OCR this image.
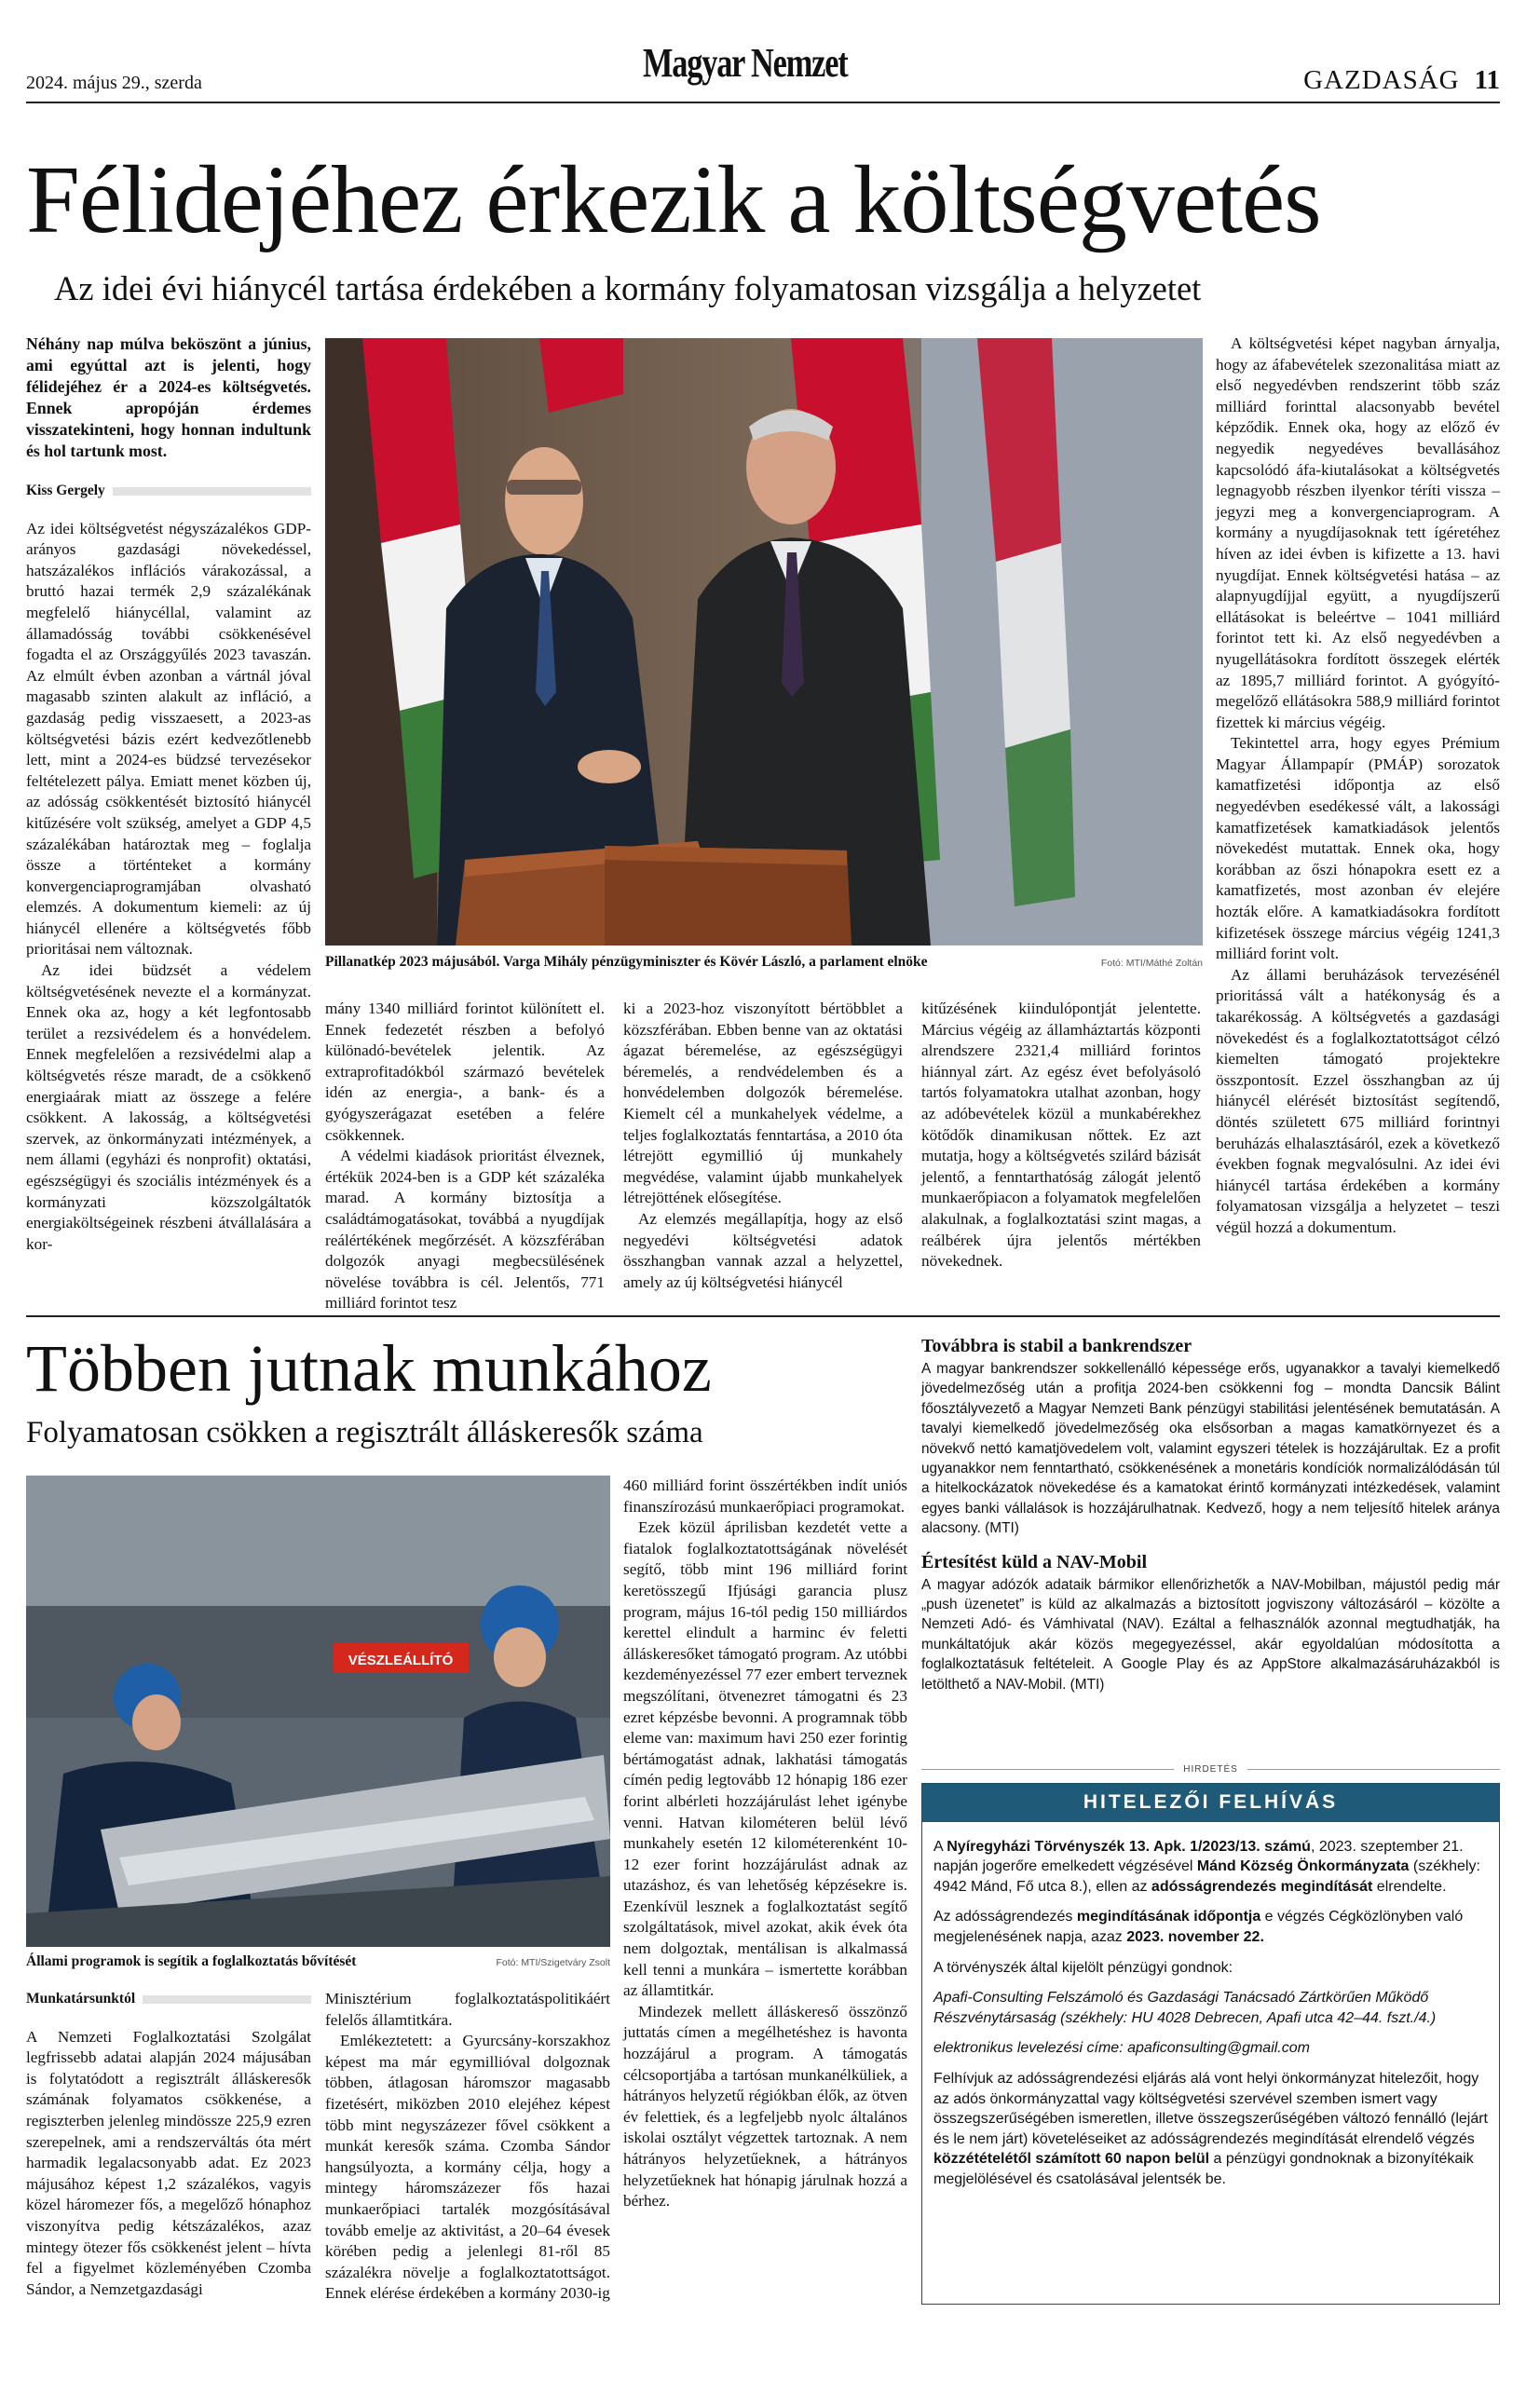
2024. május 29., szerda	Magyar Nemzet	GAZDASÁG 11
Félidejéhez érkezik a költségvetés
Az idei évi hiánycél tartása érdekében a kormány folyamatosan vizsgálja a helyzetet

Néhány nap múlva beköszönt a június, ami egyúttal azt is jelenti, hogy félidejéhez ér a 2024-es költségvetés. Ennek apropóján érdemes visszatekinteni, hogy honnan indultunk és hol tartunk most.

Kiss Gergely

Az idei költségvetést négyszázalékos GDP-arányos gazdasági növekedéssel, hatszázalékos inflációs várakozással, a bruttó hazai termék 2,9 százalékának megfelelő hiánycéllal, valamint az államadósság további csökkenésével fogadta el az Országgyűlés 2023 tavaszán. Az elmúlt évben azonban a vártnál jóval magasabb szinten alakult az infláció, a gazdaság pedig visszaesett, a 2023-as költségvetési bázis ezért kedvezőtlenebb lett, mint a 2024-es büdzsé tervezésekor feltételezett pálya. Emiatt menet közben új, az adósság csökkentését biztosító hiánycél kitűzésére volt szükség, amelyet a GDP 4,5 százalékában határoztak meg – foglalja össze a történteket a kormány konvergenciaprogramjában olvasható elemzés. A dokumentum kiemeli: az új hiánycél ellenére a költségvetés főbb prioritásai nem változnak.

Az idei büdzsét a védelem költségvetésének nevezte el a kormányzat. Ennek oka az, hogy a két legfontosabb terület a rezsivédelem és a honvédelem. Ennek megfelelően a rezsivédelmi alap a költségvetés része maradt, de a csökkenő energiaárak miatt az összege a felére csökkent. A lakosság, a költségvetési szervek, az önkormányzati intézmények, a nem állami (egyházi és nonprofit) oktatási, egészségügyi és szociális intézmények és a kormányzati közszolgáltatók energiaköltségeinek részbeni átvállalására a kor-

Pillanatkép 2023 májusából. Varga Mihály pénzügyminiszter és Kövér László, a parlament elnöke	Fotó: MTI/Máthé Zoltán

mány 1340 milliárd forintot különített el. Ennek fedezetét részben a befolyó különadó-bevételek jelentik. Az extraprofitadókból származó bevételek idén az energia-, a bank- és a gyógyszerágazat esetében a felére csökkennek.

A védelmi kiadások prioritást élveznek, értékük 2024-ben is a GDP két százaléka marad. A kormány biztosítja a családtámogatásokat, továbbá a nyugdíjak reálértékének megőrzését. A közszférában dolgozók anyagi megbecsülésének növelése továbbra is cél. Jelentős, 771 milliárd forintot tesz

ki a 2023-hoz viszonyított bértöbblet a közszférában. Ebben benne van az oktatási ágazat béremelése, az egészségügyi béremelés, a rendvédelemben és a honvédelemben dolgozók béremelése. Kiemelt cél a munkahelyek védelme, a teljes foglalkoztatás fenntartása, a 2010 óta létrejött egymillió új munkahely megvédése, valamint újabb munkahelyek létrejöttének elősegítése.

Az elemzés megállapítja, hogy az első negyedévi költségvetési adatok összhangban vannak azzal a helyzettel, amely az új költségvetési hiánycél

kitűzésének kiindulópontját jelentette. Március végéig az államháztartás központi alrendszere 2321,4 milliárd forintos hiánnyal zárt. Az egész évet befolyásoló tartós folyamatokra utalhat azonban, hogy az adóbevételek közül a munkabérekhez kötődők dinamikusan nőttek. Ez azt mutatja, hogy a költségvetés szilárd bázisát jelentő, a fenntarthatóság zálogát jelentő munkaerőpiacon a folyamatok megfelelően alakulnak, a foglalkoztatási szint magas, a reálbérek újra jelentős mértékben növekednek.

A költségvetési képet nagyban árnyalja, hogy az áfabevételek szezonalitása miatt az első negyedévben rendszerint több száz milliárd forinttal alacsonyabb bevétel képződik. Ennek oka, hogy az előző év negyedik negyedéves bevallásához kapcsolódó áfa-kiutalásokat a költségvetés legnagyobb részben ilyenkor téríti vissza – jegyzi meg a konvergenciaprogram. A kormány a nyugdíjasoknak tett ígéretéhez híven az idei évben is kifizette a 13. havi nyugdíjat. Ennek költségvetési hatása – az alapnyugdíjjal együtt, a nyugdíjszerű ellátásokat is beleértve – 1041 milliárd forintot tett ki. Az első negyedévben a nyugellátásokra fordított összegek elérték az 1895,7 milliárd forintot. A gyógyító-megelőző ellátásokra 588,9 milliárd forintot fizettek ki március végéig.

Tekintettel arra, hogy egyes Prémium Magyar Állampapír (PMÁP) sorozatok kamatfizetési időpontja az első negyedévben esedékessé vált, a lakossági kamatfizetések kamatkiadások jelentős növekedést mutattak. Ennek oka, hogy korábban az őszi hónapokra esett ez a kamatfizetés, most azonban év elejére hozták előre. A kamatkiadásokra fordított kifizetések összege március végéig 1241,3 milliárd forint volt.

Az állami beruházások tervezésénél prioritássá vált a hatékonyság és a takarékosság. A költségvetés a gazdasági növekedést és a foglalkoztatottságot célzó kiemelten támogató projektekre összpontosít. Ezzel összhangban az új hiánycél elérését biztosítást segítendő, döntés született 675 milliárd forintnyi beruházás elhalasztásáról, ezek a következő években fognak megvalósulni. Az idei évi hiánycél tartása érdekében a kormány folyamatosan vizsgálja a helyzetet – teszi végül hozzá a dokumentum.

Többen jutnak munkához
Folyamatosan csökken a regisztrált álláskeresők száma
VÉSZLEÁLLÍTÓ
Állami programok is segítik a foglalkoztatás bővítését	Fotó: MTI/Szigetváry Zsolt
Munkatársunktól

A Nemzeti Foglalkoztatási Szolgálat legfrissebb adatai alapján 2024 májusában is folytatódott a regisztrált álláskeresők számának folyamatos csökkenése, a regiszterben jelenleg mindössze 225,9 ezren szerepelnek, ami a rendszerváltás óta mért harmadik legalacsonyabb adat. Ez 2023 májusához képest 1,2 százalékos, vagyis közel háromezer fős, a megelőző hónaphoz viszonyítva pedig kétszázalékos, azaz mintegy ötezer fős csökkenést jelent – hívta fel a figyelmet közleményében Czomba Sándor, a Nemzetgazdasági

Minisztérium foglalkoztatáspolitikáért felelős államtitkára.

Emlékeztetett: a Gyurcsány-korszakhoz képest ma már egymillióval dolgoznak többen, átlagosan háromszor magasabb fizetésért, miközben 2010 elejéhez képest több mint negyszázezer fővel csökkent a munkát keresők száma. Czomba Sándor hangsúlyozta, a kormány célja, hogy a mintegy háromszázezer fős hazai munkaerőpiaci tartalék mozgósításával tovább emelje az aktivitást, a 20–64 évesek körében pedig a jelenlegi 81-ről 85 százalékra növelje a foglalkoztatottságot. Ennek elérése érdekében a kormány 2030-ig

460 milliárd forint összértékben indít uniós finanszírozású munkaerőpiaci programokat.

Ezek közül áprilisban kezdetét vette a fiatalok foglalkoztatottságának növelését segítő, több mint 196 milliárd forint keretösszegű Ifjúsági garancia plusz program, május 16-tól pedig 150 milliárdos kerettel elindult a harminc év feletti álláskeresőket támogató program. Az utóbbi kezdeményezéssel 77 ezer embert terveznek megszólítani, ötvenezret támogatni és 23 ezret képzésbe bevonni. A programnak több eleme van: maximum havi 250 ezer forintig bértámogatást adnak, lakhatási támogatás címén pedig legtovább 12 hónapig 186 ezer forint albérleti hozzájárulást lehet igénybe venni. Hatvan kilométeren belül lévő munkahely esetén 12 kilométerenként 10-12 ezer forint hozzájárulást adnak az utazáshoz, és van lehetőség képzésekre is. Ezenkívül lesznek a foglalkoztatást segítő szolgáltatások, mivel azokat, akik évek óta nem dolgoztak, mentálisan is alkalmassá kell tenni a munkára – ismertette korábban az államtitkár.

Mindezek mellett álláskereső összönző juttatás címen a megélhetéshez is havonta hozzájárul a program. A támogatás célcsoportjába a tartósan munkanélküliek, a hátrányos helyzetű régiókban élők, az ötven év felettiek, és a legfeljebb nyolc általános iskolai osztályt végzettek tartoznak. A nem hátrányos helyzetűeknek, a hátrányos helyzetűeknek hat hónapig járulnak hozzá a bérhez.

Továbbra is stabil a bankrendszer

A magyar bankrendszer sokkellenálló képessége erős, ugyanakkor a tavalyi kiemelkedő jövedelmezőség után a profitja 2024-ben csökkenni fog – mondta Dancsik Bálint főosztályvezető a Magyar Nemzeti Bank pénzügyi stabilitási jelentésének bemutatásán. A tavalyi kiemelkedő jövedelmezőség oka elsősorban a magas kamatkörnyezet és a növekvő nettó kamatjövedelem volt, valamint egyszeri tételek is hozzájárultak. Ez a profit ugyanakkor nem fenntartható, csökkenésének a monetáris kondíciók normalizálódásán túl a hitelkockázatok növekedése és a kamatokat érintő kormányzati intézkedések, valamint egyes banki vállalások is hozzájárulhatnak. Kedvező, hogy a nem teljesítő hitelek aránya alacsony. (MTI)

Értesítést küld a NAV-Mobil

A magyar adózók adataik bármikor ellenőrizhetők a NAV-Mobilban, májustól pedig már „push üzenetet” is küld az alkalmazás a biztosított jogviszony változásáról – közölte a Nemzeti Adó- és Vámhivatal (NAV). Ezáltal a felhasználók azonnal megtudhatják, ha munkáltatójuk akár közös megegyezéssel, akár egyoldalúan módosította a foglalkoztatásuk feltételeit. A Google Play és az AppStore alkalmazásáruházakból is letölthető a NAV-Mobil. (MTI)

HIRDETÉS
HITELEZŐI FELHÍVÁS

A Nyíregyházi Törvényszék 13. Apk. 1/2023/13. számú, 2023. szeptember 21. napján jogerőre emelkedett végzésével Mánd Község Önkormányzata (székhely: 4942 Mánd, Fő utca 8.), ellen az adósságrendezés megindítását elrendelte.

Az adósságrendezés megindításának időpontja e végzés Cégközlönyben való megjelenésének napja, azaz 2023. november 22.

A törvényszék által kijelölt pénzügyi gondnok:

Apafi-Consulting Felszámoló és Gazdasági Tanácsadó Zártkörűen Működő Részvénytársaság (székhely: HU 4028 Debrecen, Apafi utca 42–44. fszt./4.)

elektronikus levelezési címe: apaficonsulting@gmail.com

Felhívjuk az adósságrendezési eljárás alá vont helyi önkormányzat hitelezőit, hogy az adós önkormányzattal vagy költségvetési szervével szemben ismert vagy összegszerűségében ismeretlen, illetve összegszerűségében változó fennálló (lejárt és le nem járt) követeléseiket az adósságrendezés megindítását elrendelő végzés közzétételétől számított 60 napon belül a pénzügyi gondnoknak a bizonyítékaik megjelölésével és csatolásával jelentsék be.
